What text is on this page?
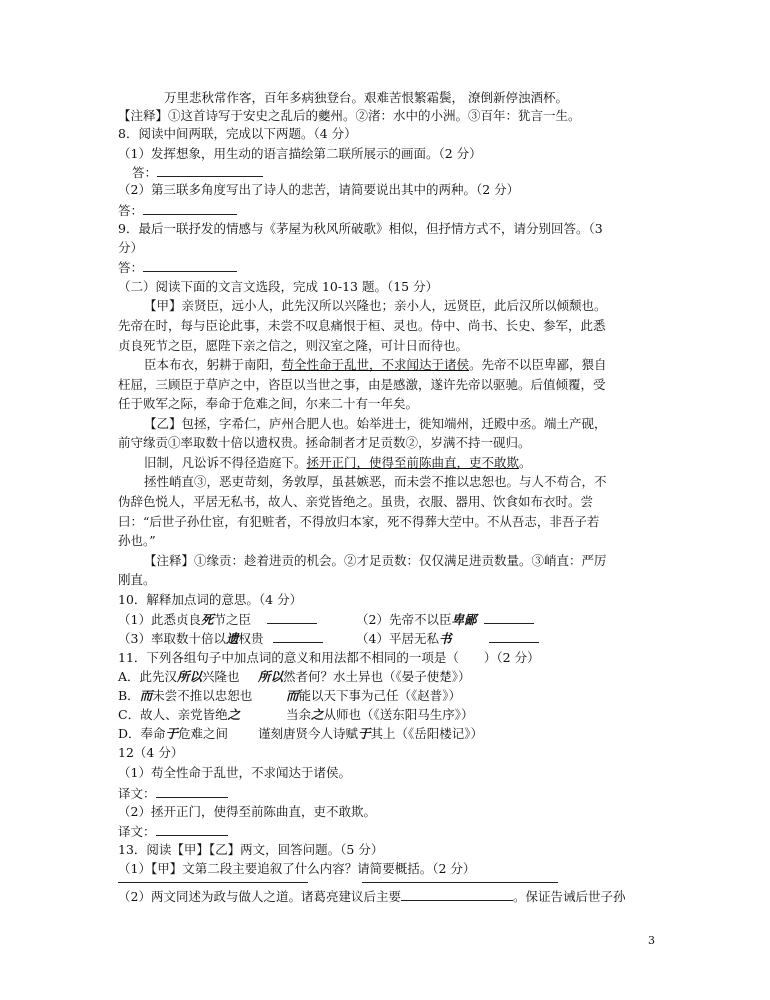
万里悲秋常作客，百年多病独登台。艰难苦恨繁霜鬓， 潦倒新停浊酒杯。
【注释】①这首诗写于安史之乱后的夔州。②渚：水中的小洲。③百年：犹言一生。
8．阅读中间两联，完成以下两题。（4 分）
（1）发挥想象，用生动的语言描绘第二联所展示的画面。（2 分）
答：
（2）第三联多角度写出了诗人的悲苦，请简要说出其中的两种。（2 分）
答：
9．最后一联抒发的情感与《茅屋为秋风所破歌》相似，但抒情方式不，请分别回答。（3
分）
答：
（二）阅读下面的文言文选段，完成 10-13 题。（15 分）
【甲】亲贤臣，远小人，此先汉所以兴隆也；亲小人，远贤臣，此后汉所以倾颓也。
先帝在时，每与臣论此事，未尝不叹息痛恨于桓、灵也。侍中、尚书、长史、参军，此悉
贞良死节之臣，愿陛下亲之信之，则汉室之隆，可计日而待也。
臣本布衣，躬耕于南阳，苟全性命于乱世，不求闻达于诸侯。先帝不以臣卑鄙，猥自
枉屈，三顾臣于草庐之中，咨臣以当世之事，由是感激，遂许先帝以驱驰。后值倾覆，受
任于败军之际，奉命于危难之间，尔来二十有一年矣。
【乙】包拯，字希仁，庐州合肥人也。始举进士，徙知端州，迁殿中丞。端土产砚，
前守缘贡①率取数十倍以遗权贵。拯命制者才足贡数②，岁满不持一砚归。
旧制，凡讼诉不得径造庭下。拯开正门，使得至前陈曲直，吏不敢欺。
拯性峭直③，恶吏苛刻，务敦厚，虽甚嫉恶，而未尝不推以忠恕也。与人不苟合，不
伪辞色悦人，平居无私书，故人、亲党皆绝之。虽贵，衣服、器用、饮食如布衣时。尝
曰：“后世子孙仕宦，有犯赃者，不得放归本家，死不得葬大茔中。不从吾志，非吾子若
孙也。”
【注释】①缘贡：趁着进贡的机会。②才足贡数：仅仅满足进贡数量。③峭直：严厉
刚直。
10．解释加点词的意思。（4 分）
（1）此悉贞良死节之臣	（2）先帝不以臣卑鄙
（3）率取数十倍以遗权贵	（4）平居无私书
11．下列各组句子中加点词的意义和用法都不相同的一项是（　　）（2 分）
A．此先汉所以兴隆也 所以然者何？水土异也（《晏子使楚》）
B．而未尝不推以忠恕也	而能以天下事为己任（《赵普》）
C．故人、亲党皆绝之	当余之从师也（《送东阳马生序》）
D．奉命于危难之间 谨刻唐贤今人诗赋于其上（《岳阳楼记》）
12（4 分）
（1）苟全性命于乱世，不求闻达于诸侯。
译文：
（2）拯开正门，使得至前陈曲直，吏不敢欺。
译文：
13．阅读【甲】【乙】两文，回答问题。（5 分）
（1）【甲】文第二段主要追叙了什么内容？请简要概括。（2 分）
（2）两文同述为政与做人之道。诸葛亮建议后主要	。保证告诫后世子孙
3
